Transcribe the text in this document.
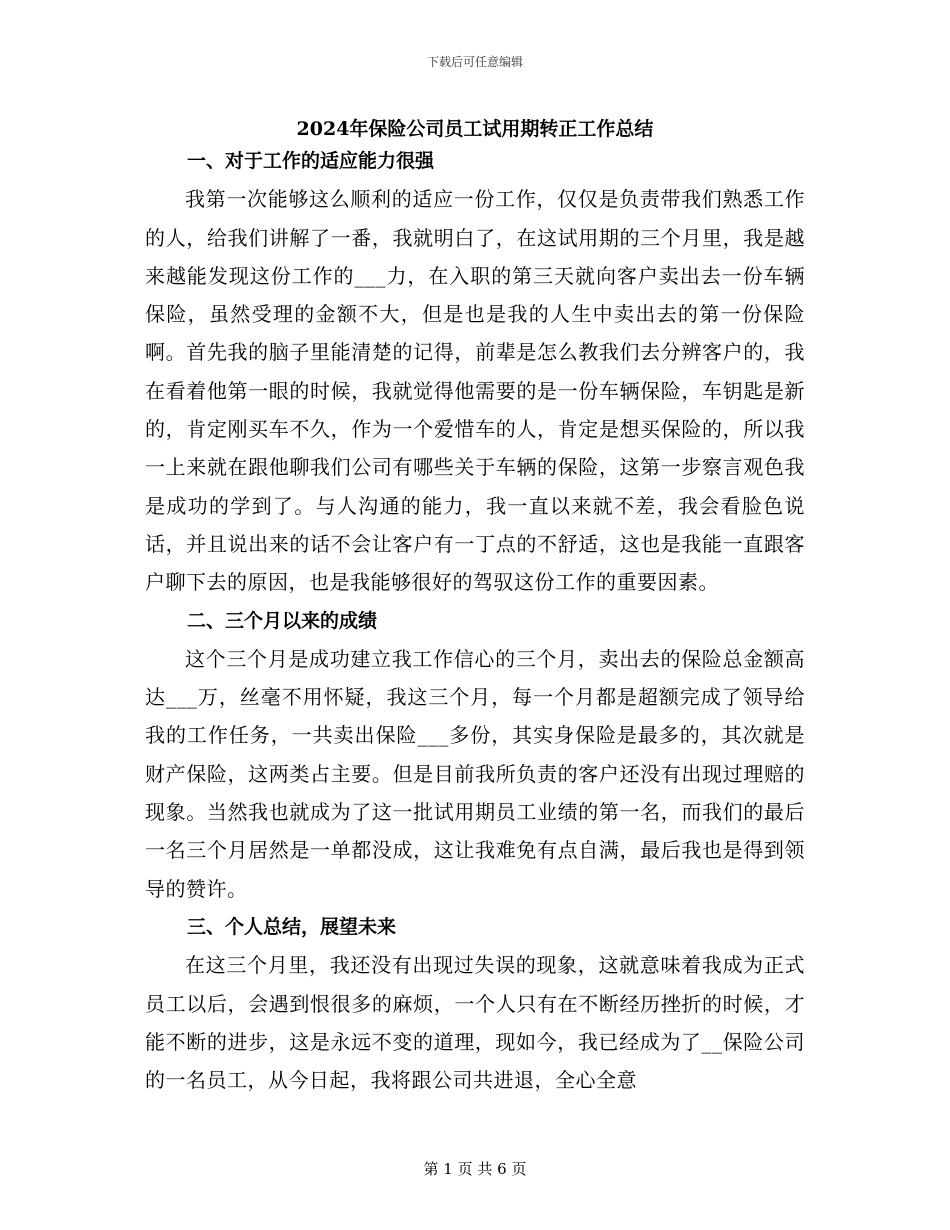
下载后可任意编辑
2024年保险公司员工试用期转正工作总结
一、对于工作的适应能力很强

我第一次能够这么顺利的适应一份工作，仅仅是负责带我们熟悉工作的人，给我们讲解了一番，我就明白了，在这试用期的三个月里，我是越来越能发现这份工作的___力，在入职的第三天就向客户卖出去一份车辆保险，虽然受理的金额不大，但是也是我的人生中卖出去的第一份保险啊。首先我的脑子里能清楚的记得，前辈是怎么教我们去分辨客户的，我在看着他第一眼的时候，我就觉得他需要的是一份车辆保险，车钥匙是新的，肯定刚买车不久，作为一个爱惜车的人，肯定是想买保险的，所以我一上来就在跟他聊我们公司有哪些关于车辆的保险，这第一步察言观色我是成功的学到了。与人沟通的能力，我一直以来就不差，我会看脸色说话，并且说出来的话不会让客户有一丁点的不舒适，这也是我能一直跟客户聊下去的原因，也是我能够很好的驾驭这份工作的重要因素。

二、三个月以来的成绩

这个三个月是成功建立我工作信心的三个月，卖出去的保险总金额高达___万，丝毫不用怀疑，我这三个月，每一个月都是超额完成了领导给我的工作任务，一共卖出保险___多份，其实身保险是最多的，其次就是财产保险，这两类占主要。但是目前我所负责的客户还没有出现过理赔的现象。当然我也就成为了这一批试用期员工业绩的第一名，而我们的最后一名三个月居然是一单都没成，这让我难免有点自满，最后我也是得到领导的赞许。

三、个人总结，展望未来

在这三个月里，我还没有出现过失误的现象，这就意味着我成为正式员工以后，会遇到恨很多的麻烦，一个人只有在不断经历挫折的时候，才能不断的进步，这是永远不变的道理，现如今，我已经成为了__保险公司的一名员工，从今日起，我将跟公司共进退，全心全意

第 1 页 共 6 页
